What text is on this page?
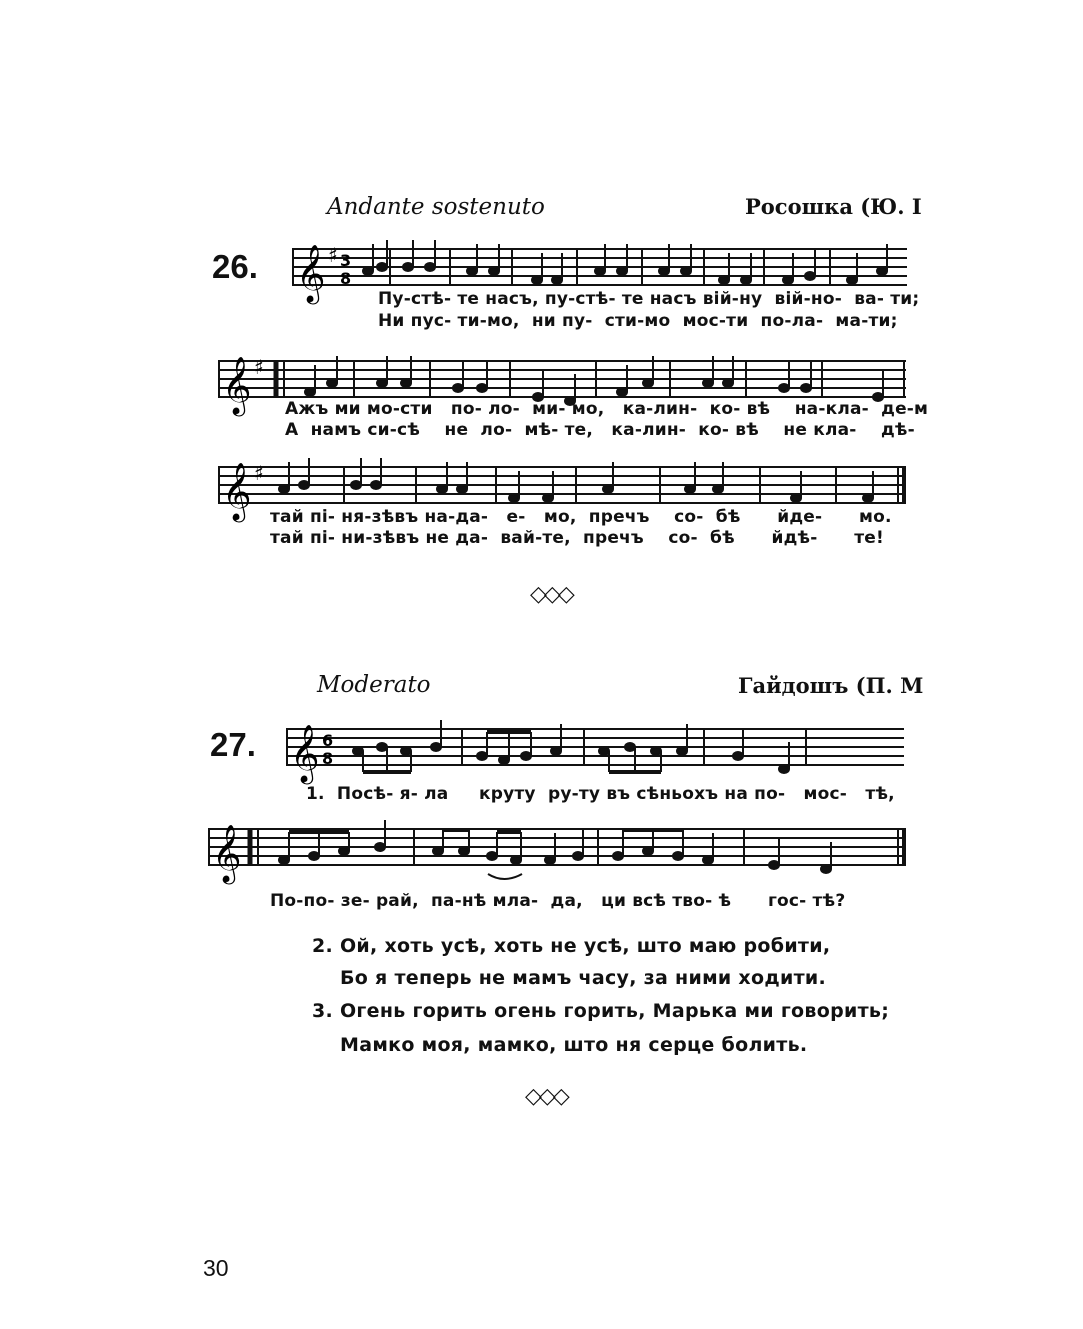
Andante sostenuto	Росошка (Ю. І
26. 𝄞 ♯ 3
8
Пу-стѣ- те насъ, пу-стѣ- те насъ вій-ну  вій-но-  ва- ти;
Ни пус- ти-мо,  ни пу-  сти-мо  мос-ти  по-ла-  ма-ти;
𝄞 ♯
Ажъ ми мо-сти   по- ло-  ми- мо,   ка-лин-  ко- вѣ    на-кла-  де-м
А  намъ си-сѣ    не  ло-  мѣ- те,   ка-лин-  ко- вѣ    не кла-    дѣ-
𝄞 ♯
тай пі- ня-зѣвъ на-да-   е-   мо,  пречъ    со-  бѣ      йде-      мо.
тай пі- ни-зѣвъ не да-  вай-те,  пречъ    со-  бѣ      йдѣ-      те!
◇◇◇
Moderato	Гайдошъ (П. М
27. 𝄞 6
8
1.  Посѣ- я- ла     круту  ру-ту въ сѣньохъ на по-   мос-   тѣ,
𝄞
По-по- зе- рай,  па-нѣ мла-  да,   ци всѣ тво- ѣ      гос- тѣ?
2. Ой, хоть усѣ, хоть не усѣ, што маю робити,
Бо я теперь не мамъ часу, за ними ходити.
3. Огень горить огень горить, Марька ми говорить;
Мамко моя, мамко, што ня серце болить.
◇◇◇
30
